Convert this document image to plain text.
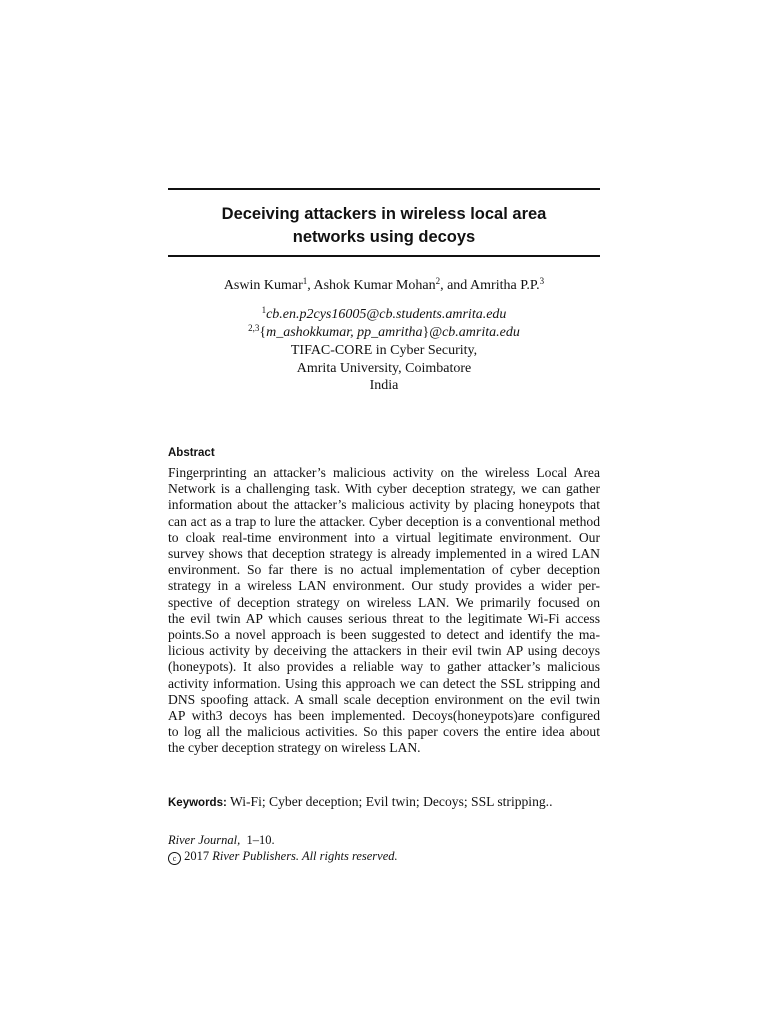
Deceiving attackers in wireless local area
networks using decoys
Aswin Kumar$^1$, Ashok Kumar Mohan$^2$, and Amritha P.P.$^3$
$^1$cb.en.p2cys16005@cb.students.amrita.edu
$^{2,3}${m_ashokkumar, pp_amritha}@cb.amrita.edu
TIFAC-CORE in Cyber Security,
Amrita University, Coimbatore
India
Abstract
Fingerprinting an attacker’s malicious activity on the wireless Local Area
Network is a challenging task. With cyber deception strategy, we can gather
information about the attacker’s malicious activity by placing honeypots that
can act as a trap to lure the attacker. Cyber deception is a conventional method
to cloak real-time environment into a virtual legitimate environment. Our
survey shows that deception strategy is already implemented in a wired LAN
environment. So far there is no actual implementation of cyber deception
strategy in a wireless LAN environment. Our study provides a wider per-
spective of deception strategy on wireless LAN. We primarily focused on
the evil twin AP which causes serious threat to the legitimate Wi-Fi access
points.So a novel approach is been suggested to detect and identify the ma-
licious activity by deceiving the attackers in their evil twin AP using decoys
(honeypots). It also provides a reliable way to gather attacker’s malicious
activity information. Using this approach we can detect the SSL stripping and
DNS spoofing attack. A small scale deception environment on the evil twin
AP with3 decoys has been implemented. Decoys(honeypots)are configured
to log all the malicious activities. So this paper covers the entire idea about
the cyber deception strategy on wireless LAN.
Keywords: Wi-Fi; Cyber deception; Evil twin; Decoys; SSL stripping..
River Journal, 1–10.
c 2017 River Publishers. All rights reserved.
